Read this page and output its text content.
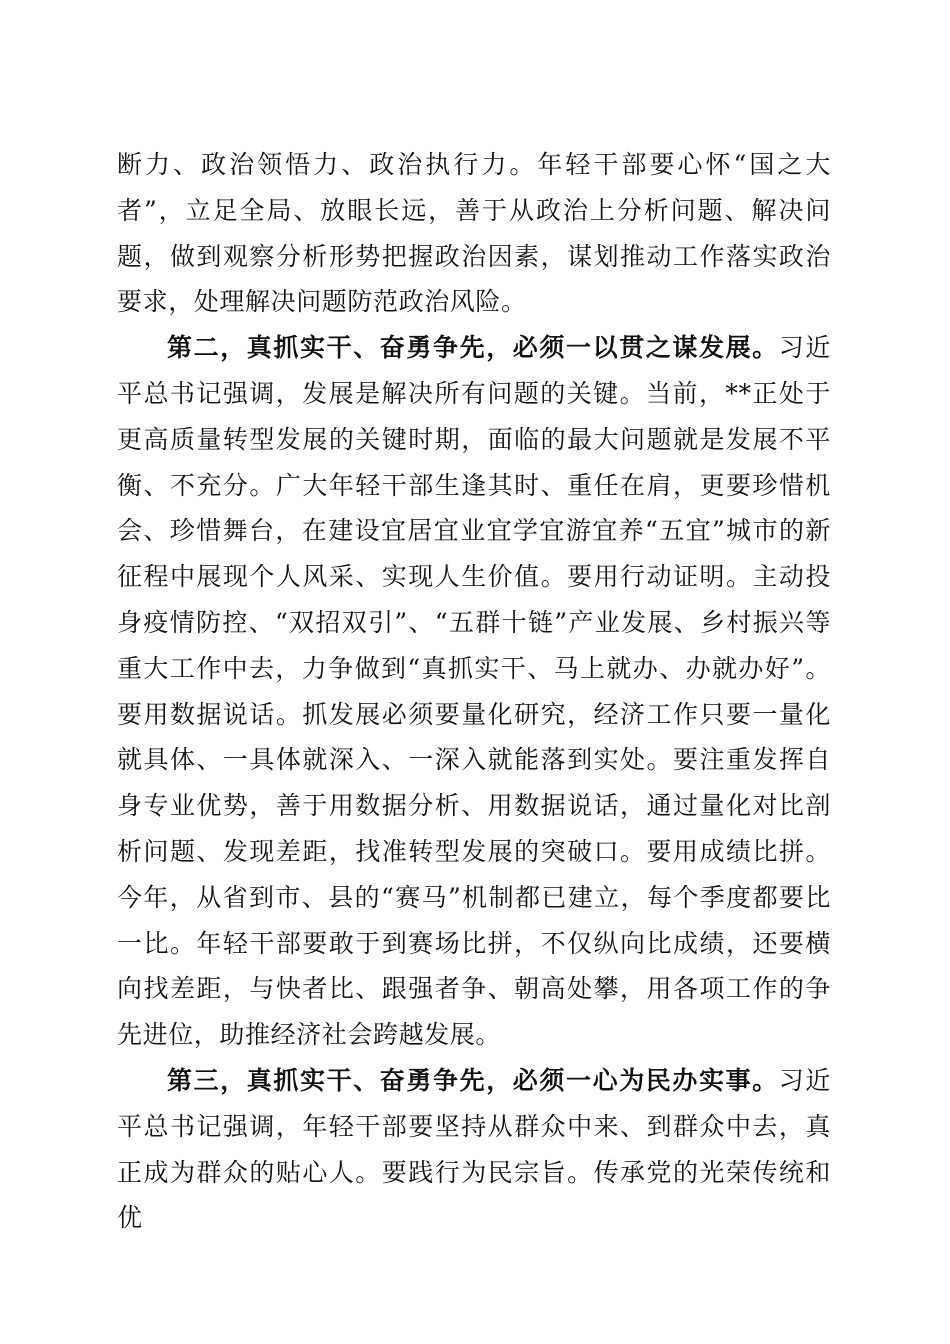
断力、政治领悟力、政治执行力。年轻干部要心怀“国之大者”，立足全局、放眼长远，善于从政治上分析问题、解决问题，做到观察分析形势把握政治因素，谋划推动工作落实政治要求，处理解决问题防范政治风险。

第二，真抓实干、奋勇争先，必须一以贯之谋发展。习近平总书记强调，发展是解决所有问题的关键。当前，**正处于更高质量转型发展的关键时期，面临的最大问题就是发展不平衡、不充分。广大年轻干部生逢其时、重任在肩，更要珍惜机会、珍惜舞台，在建设宜居宜业宜学宜游宜养“五宜”城市的新征程中展现个人风采、实现人生价值。要用行动证明。主动投身疫情防控、“双招双引”、“五群十链”产业发展、乡村振兴等重大工作中去，力争做到“真抓实干、马上就办、办就办好”。要用数据说话。抓发展必须要量化研究，经济工作只要一量化就具体、一具体就深入、一深入就能落到实处。要注重发挥自身专业优势，善于用数据分析、用数据说话，通过量化对比剖析问题、发现差距，找准转型发展的突破口。要用成绩比拼。今年，从省到市、县的“赛马”机制都已建立，每个季度都要比一比。年轻干部要敢于到赛场比拼，不仅纵向比成绩，还要横向找差距，与快者比、跟强者争、朝高处攀，用各项工作的争先进位，助推经济社会跨越发展。

第三，真抓实干、奋勇争先，必须一心为民办实事。习近平总书记强调，年轻干部要坚持从群众中来、到群众中去，真正成为群众的贴心人。要践行为民宗旨。传承党的光荣传统和优
